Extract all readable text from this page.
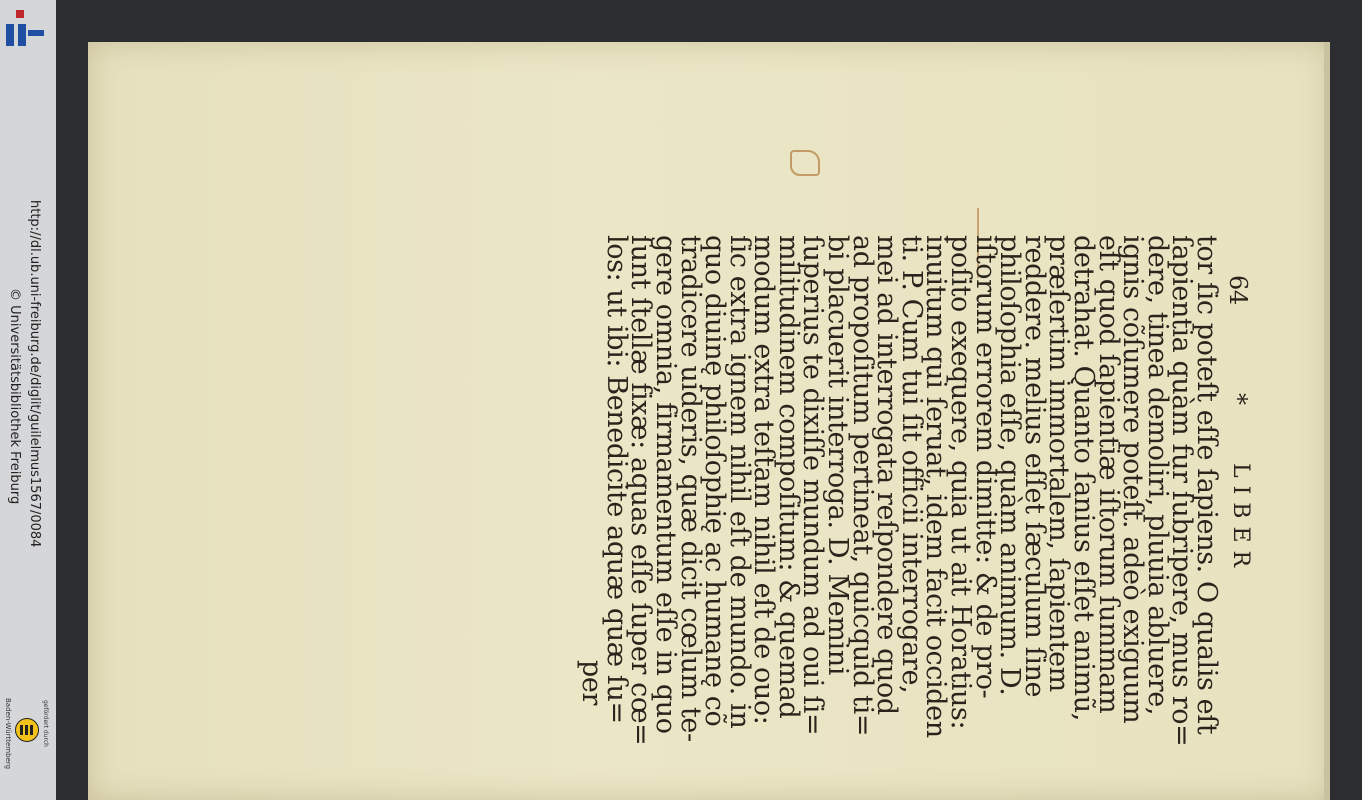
http://dl.ub.uni-freiburg.de/diglit/guilelmus1567/0084
© Universitätsbibliothek Freiburg
gefördert durch
Baden-Württemberg
64
*
LIBER
tor ſic poteſt eſſe ſapiens. O qualis eſt
ſapientia quàm fur ſubripere, mus ro=
dere, tinea demoliri, pluuia abluere,
ignis cõſumere poteſt. adeò exiguum
eſt quod ſapientiæ iſtorum ſummam
detrahat. Quanto ſanius eſſet animũ,
præſertim immortalem, ſapientem
reddere. melius eſſet ſæculum ſine
philoſophia eſſe, quàm animum. D.
iſtorum errorem dimitte: & de pro-
poſito exequere, quia ut ait Horatius:
inuitum qui ſeruat, idem facit occiden
ti. P. Cum tui ſit officii interrogare,
mei ad interrogata reſpondere quod
ad propoſitum pertineat, quicquid ti=
bi placuerit interroga. D. Memini
ſuperius te dixiſſe mundum ad oui ſi=
militudinem compoſitum: & quemad
modum extra teſtam nihil eſt de ouo:
ſic extra ignem nihil eſt de mundo. in
quo diuinę philoſophię ac humanę cõ
tradicere uideris, quæ dicit cœlum te-
gere omnia, firmamentum eſſe in quo
ſunt ſtellæ fixæ: aquas eſſe ſuper cœ=
los: ut ibi: Benedicite aquæ quæ ſu=
per
